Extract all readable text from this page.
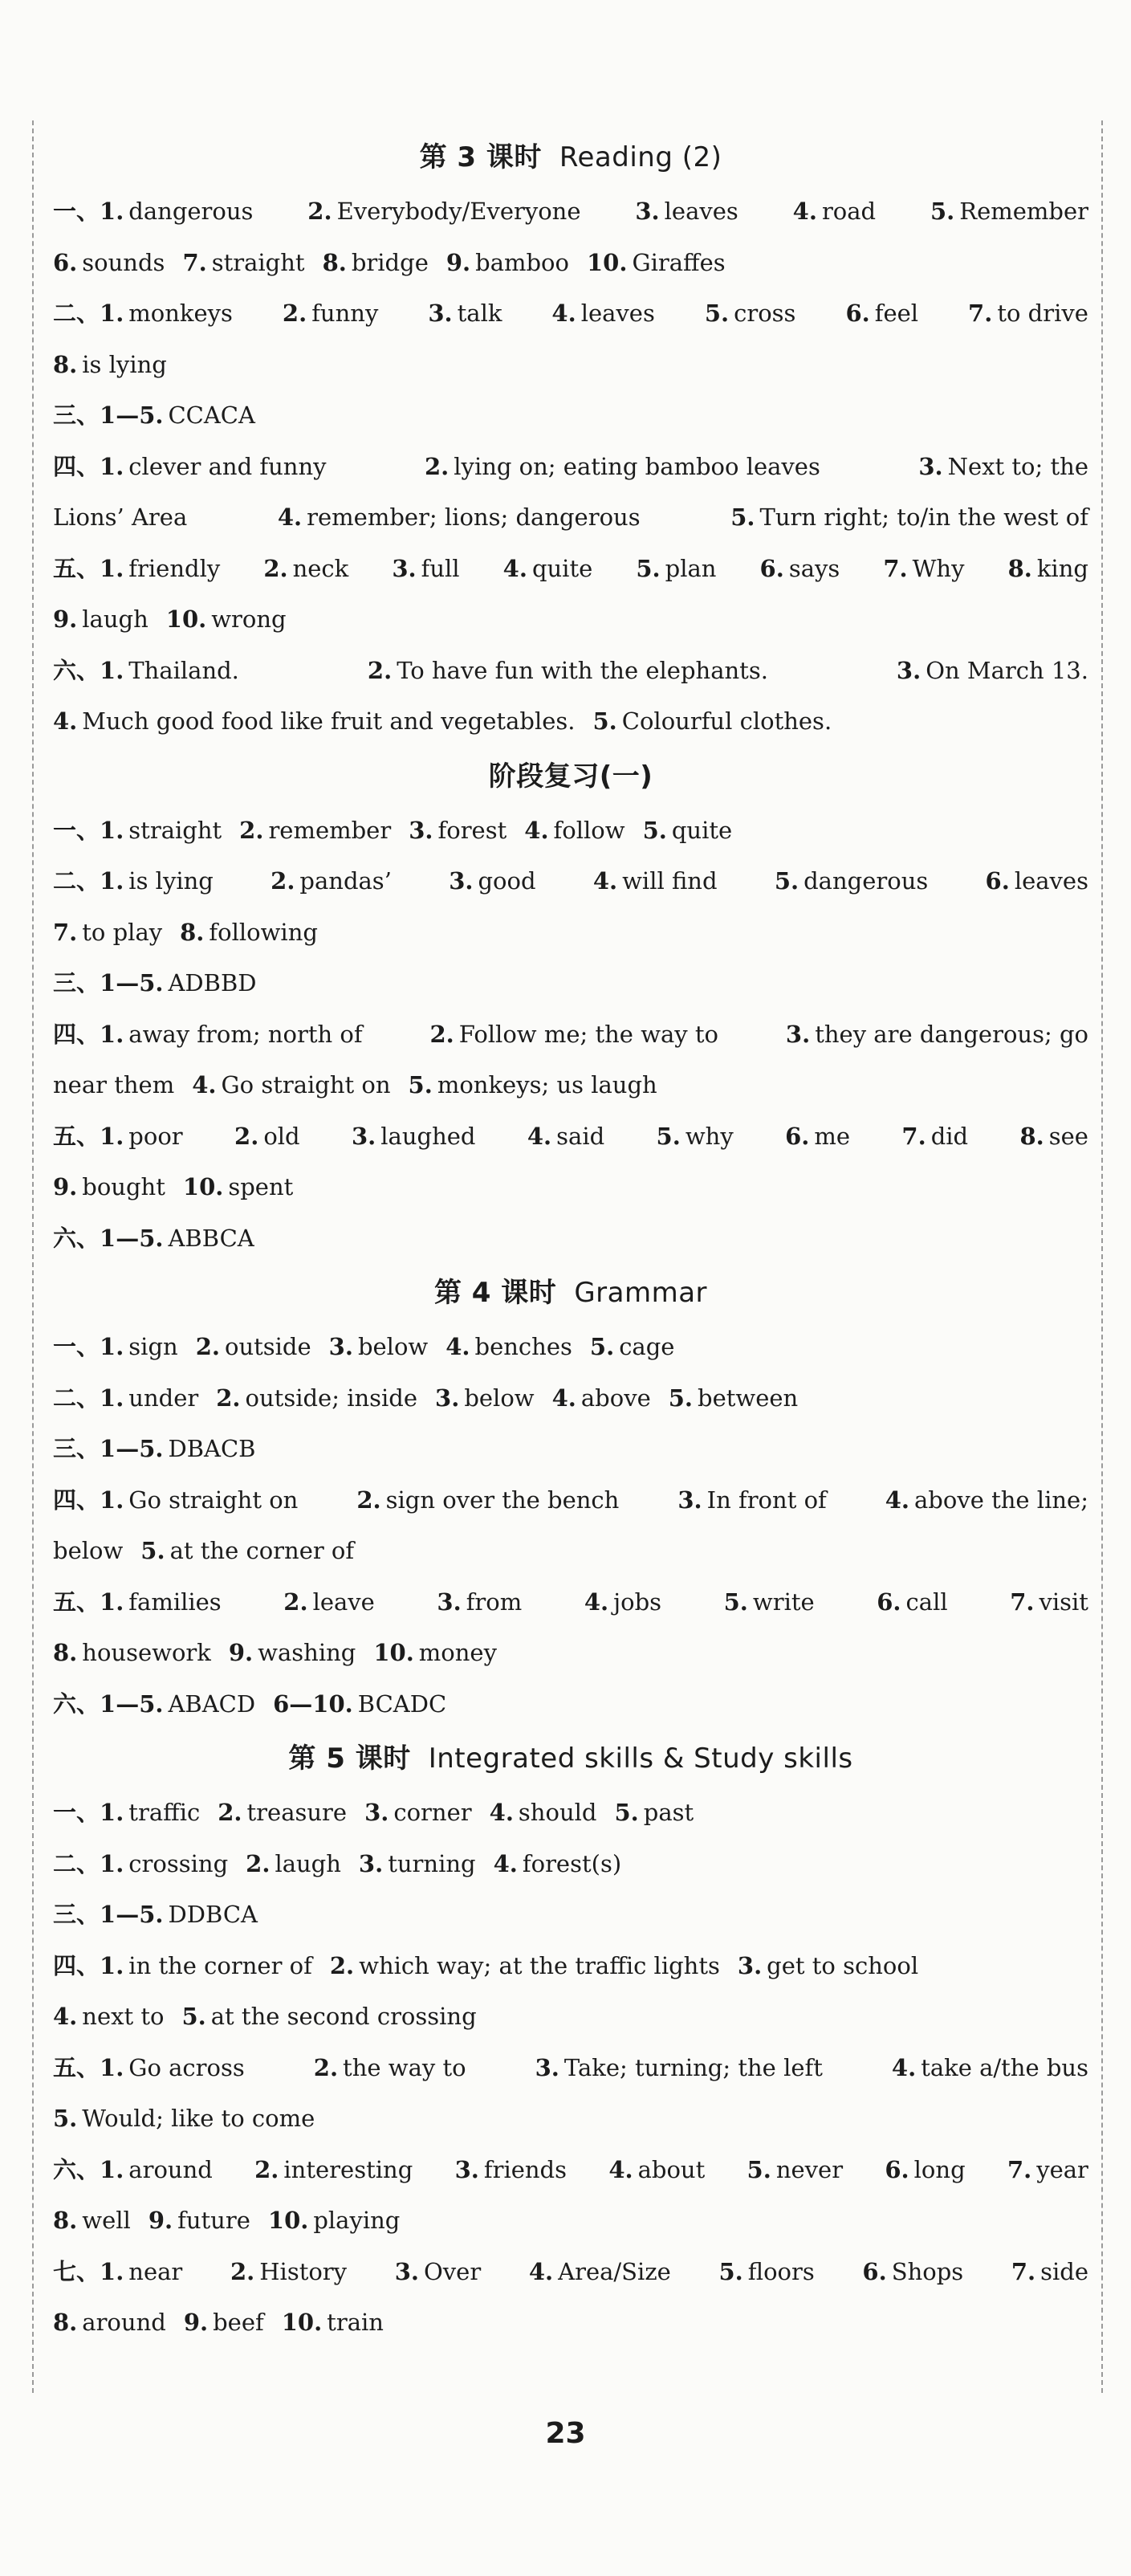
第 3 课时 Reading (2)
一、1. dangerous 2. Everybody/Everyone 3. leaves 4. road 5. Remember
6. sounds 7. straight 8. bridge 9. bamboo 10. Giraffes
二、1. monkeys 2. funny 3. talk 4. leaves 5. cross 6. feel 7. to drive
8. is lying
三、1—5. CCACA
四、1. clever and funny	2. lying on; eating bamboo leaves	3. Next to; the
Lions’ Area	4. remember; lions; dangerous	5. Turn right; to/in the west of
五、1. friendly 2. neck 3. full 4. quite 5. plan 6. says 7. Why 8. king
9. laugh 10. wrong
六、1. Thailand.	2. To have fun with the elephants.	3. On March 13.
4. Much good food like fruit and vegetables. 5. Colourful clothes.
阶段复习(一)
一、1. straight 2. remember 3. forest 4. follow 5. quite
二、1. is lying 2. pandas’ 3. good 4. will find 5. dangerous 6. leaves
7. to play 8. following
三、1—5. ADBBD
四、1. away from; north of	2. Follow me; the way to	3. they are dangerous; go
near them 4. Go straight on 5. monkeys; us laugh
五、1. poor 2. old 3. laughed 4. said 5. why 6. me 7. did 8. see
9. bought 10. spent
六、1—5. ABBCA
第 4 课时 Grammar
一、1. sign 2. outside 3. below 4. benches 5. cage
二、1. under 2. outside; inside 3. below 4. above 5. between
三、1—5. DBACB
四、1. Go straight on	2. sign over the bench	3. In front of	4. above the line;
below 5. at the corner of
五、1. families	2. leave	3. from	4. jobs	5. write	6. call	7. visit
8. housework 9. washing 10. money
六、1—5. ABACD 6—10. BCADC
第 5 课时 Integrated skills & Study skills
一、1. traffic 2. treasure 3. corner 4. should 5. past
二、1. crossing 2. laugh 3. turning 4. forest(s)
三、1—5. DDBCA
四、1. in the corner of 2. which way; at the traffic lights 3. get to school
4. next to 5. at the second crossing
五、1. Go across	2. the way to	3. Take; turning; the left	4. take a/the bus
5. Would; like to come
六、1. around 2. interesting 3. friends 4. about 5. never 6. long 7. year
8. well 9. future 10. playing
七、1. near 2. History 3. Over 4. Area/Size 5. floors 6. Shops 7. side
8. around 9. beef 10. train
23
